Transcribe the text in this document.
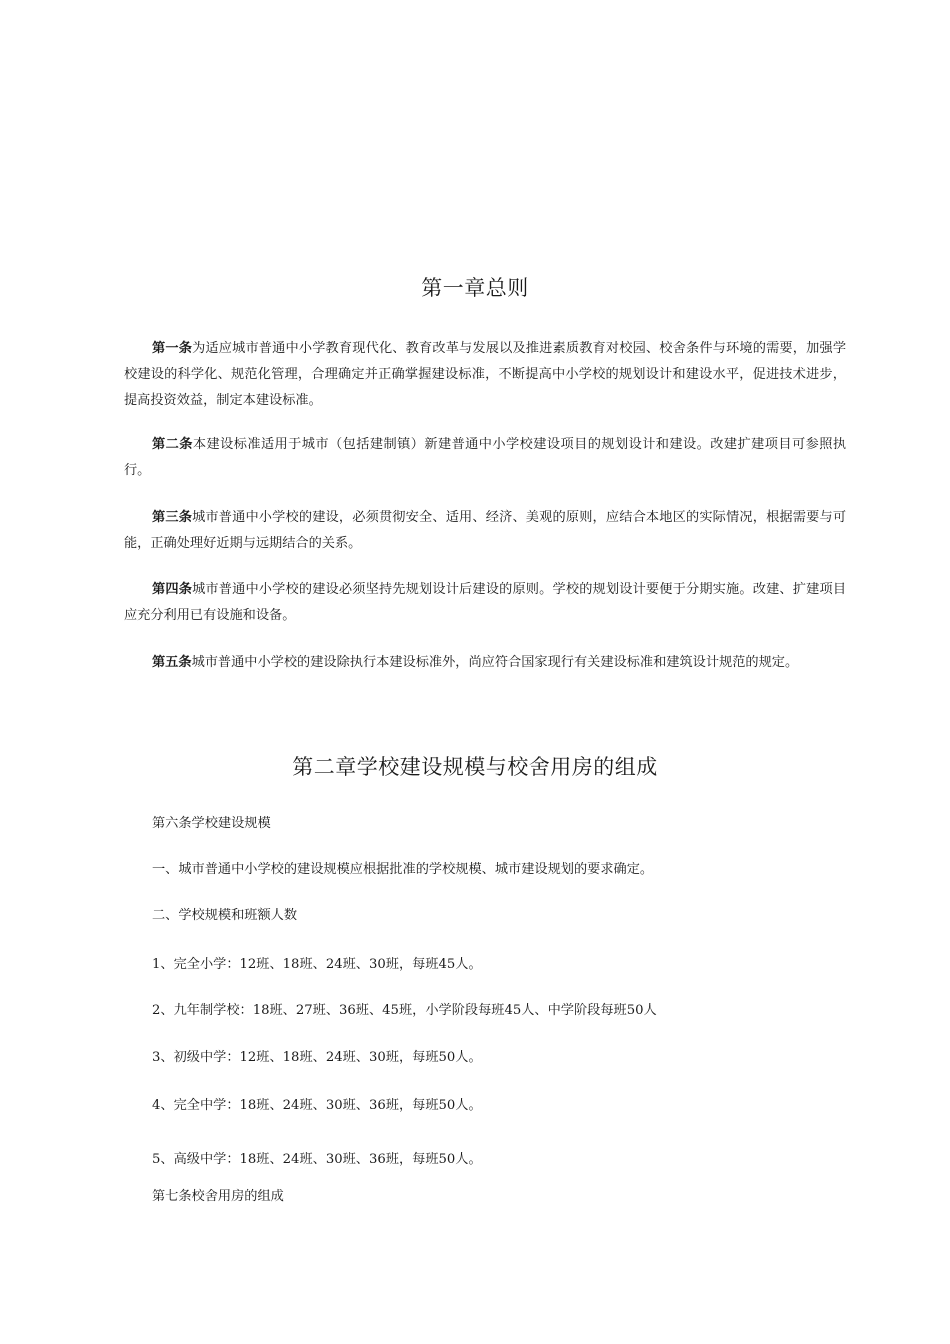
第一章总则

第一条为适应城市普通中小学教育现代化、教育改革与发展以及推进素质教育对校园、校舍条件与环境的需要，加强学校建设的科学化、规范化管理，合理确定并正确掌握建设标准，不断提高中小学校的规划设计和建设水平，促进技术进步，提高投资效益，制定本建设标准。

第二条本建设标准适用于城市（包括建制镇）新建普通中小学校建设项目的规划设计和建设。改建扩建项目可参照执行。

第三条城市普通中小学校的建设，必须贯彻安全、适用、经济、美观的原则，应结合本地区的实际情况，根据需要与可能，正确处理好近期与远期结合的关系。

第四条城市普通中小学校的建设必须坚持先规划设计后建设的原则。学校的规划设计要便于分期实施。改建、扩建项目应充分利用已有设施和设备。

第五条城市普通中小学校的建设除执行本建设标准外，尚应符合国家现行有关建设标准和建筑设计规范的规定。

第二章学校建设规模与校舍用房的组成
第六条学校建设规模
一、城市普通中小学校的建设规模应根据批准的学校规模、城市建设规划的要求确定。
二、学校规模和班额人数
1、完全小学：12班、18班、24班、30班，每班45人。
2、九年制学校：18班、27班、36班、45班，小学阶段每班45人、中学阶段每班50人
3、初级中学：12班、18班、24班、30班，每班50人。
4、完全中学：18班、24班、30班、36班，每班50人。
5、高级中学：18班、24班、30班、36班，每班50人。
第七条校舍用房的组成
